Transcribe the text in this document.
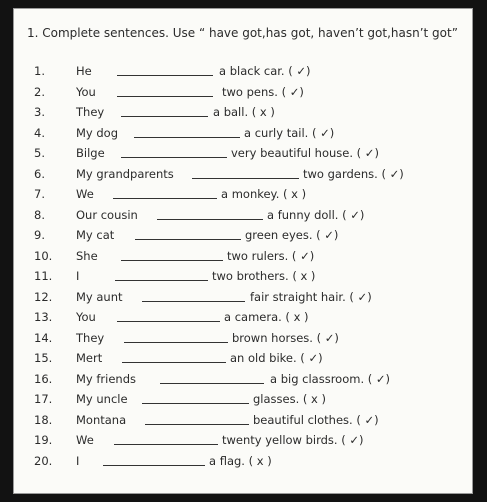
1. Complete sentences. Use “ have got,has got, haven’t got,hasn’t got”
1.	He	a black car. ( ✓)
2.	You	two pens. ( ✓)
3.	They	a ball. ( x )
4.	My dog	a curly tail. ( ✓)
5.	Bilge	very beautiful house. ( ✓)
6.	My grandparents	two gardens. ( ✓)
7.	We	a monkey. ( x )
8.	Our cousin	a funny doll. ( ✓)
9.	My cat	green eyes. ( ✓)
10.	She	two rulers. ( ✓)
11.	I	two brothers. ( x )
12.	My aunt	fair straight hair. ( ✓)
13.	You	a camera. ( x )
14.	They	brown horses. ( ✓)
15.	Mert	an old bike. ( ✓)
16.	My friends	a big classroom. ( ✓)
17.	My uncle	glasses. ( x )
18.	Montana	beautiful clothes. ( ✓)
19.	We	twenty yellow birds. ( ✓)
20.	I	a flag. ( x )
